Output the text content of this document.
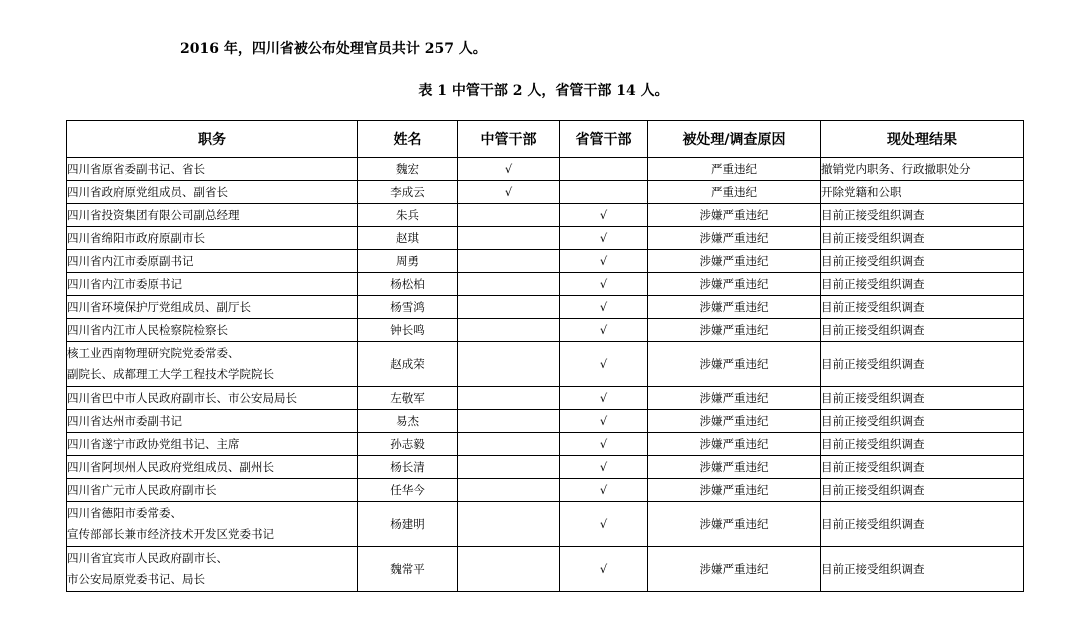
2016 年，四川省被公布处理官员共计 257 人。
表 1 中管干部 2 人，省管干部 14 人。
职务	姓名	中管干部	省管干部	被处理/调查原因	现处理结果

四川省原省委副书记、省长	魏宏	√		严重违纪	撤销党内职务、行政撤职处分

四川省政府原党组成员、副省长	李成云	√		严重违纪	开除党籍和公职

四川省投资集团有限公司副总经理	朱兵		√	涉嫌严重违纪	目前正接受组织调查

四川省绵阳市政府原副市长	赵琪		√	涉嫌严重违纪	目前正接受组织调查

四川省内江市委原副书记	周勇		√	涉嫌严重违纪	目前正接受组织调查

四川省内江市委原书记	杨松柏		√	涉嫌严重违纪	目前正接受组织调查

四川省环境保护厅党组成员、副厅长	杨雪鸿		√	涉嫌严重违纪	目前正接受组织调查

四川省内江市人民检察院检察长	钟长鸣		√	涉嫌严重违纪	目前正接受组织调查

核工业西南物理研究院党委常委、
副院长、成都理工大学工程技术学院院长	赵成荣		√	涉嫌严重违纪	目前正接受组织调查

四川省巴中市人民政府副市长、市公安局局长	左敬军		√	涉嫌严重违纪	目前正接受组织调查

四川省达州市委副书记	易杰		√	涉嫌严重违纪	目前正接受组织调查

四川省遂宁市政协党组书记、主席	孙志毅		√	涉嫌严重违纪	目前正接受组织调查

四川省阿坝州人民政府党组成员、副州长	杨长清		√	涉嫌严重违纪	目前正接受组织调查

四川省广元市人民政府副市长	任华今		√	涉嫌严重违纪	目前正接受组织调查

四川省德阳市委常委、
宣传部部长兼市经济技术开发区党委书记	杨建明		√	涉嫌严重违纪	目前正接受组织调查

四川省宜宾市人民政府副市长、
市公安局原党委书记、局长	魏常平		√	涉嫌严重违纪	目前正接受组织调查
